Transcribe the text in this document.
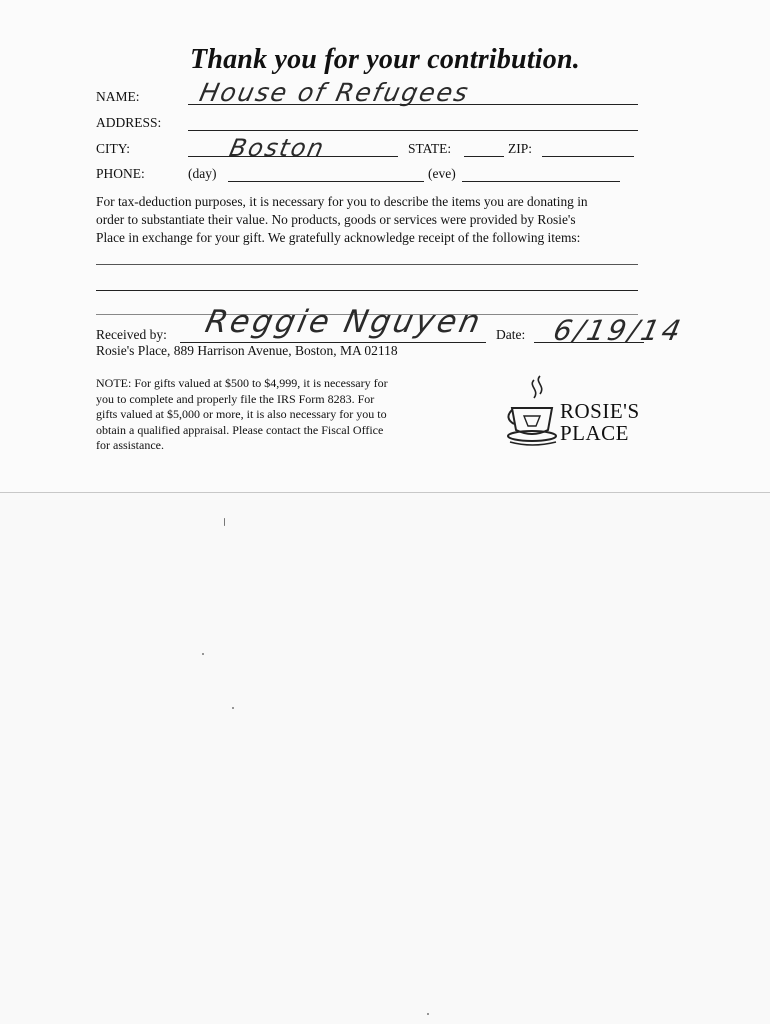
Thank you for your contribution.
NAME: House of Refugees
ADDRESS:
CITY:	Boston	STATE:	ZIP:
PHONE:	(day)	(eve)
For tax-deduction purposes, it is necessary for you to describe the items you are donating in
order to substantiate their value. No products, goods or services were provided by Rosie's
Place in exchange for your gift. We gratefully acknowledge receipt of the following items:
Received by: Reggie Nguyen Date: 6/19/14
Rosie's Place, 889 Harrison Avenue, Boston, MA 02118
NOTE: For gifts valued at $500 to $4,999, it is necessary for
you to complete and properly file the IRS Form 8283. For
gifts valued at $5,000 or more, it is also necessary for you to
obtain a qualified appraisal. Please contact the Fiscal Office
for assistance.
ROSIE'S
PLACE
